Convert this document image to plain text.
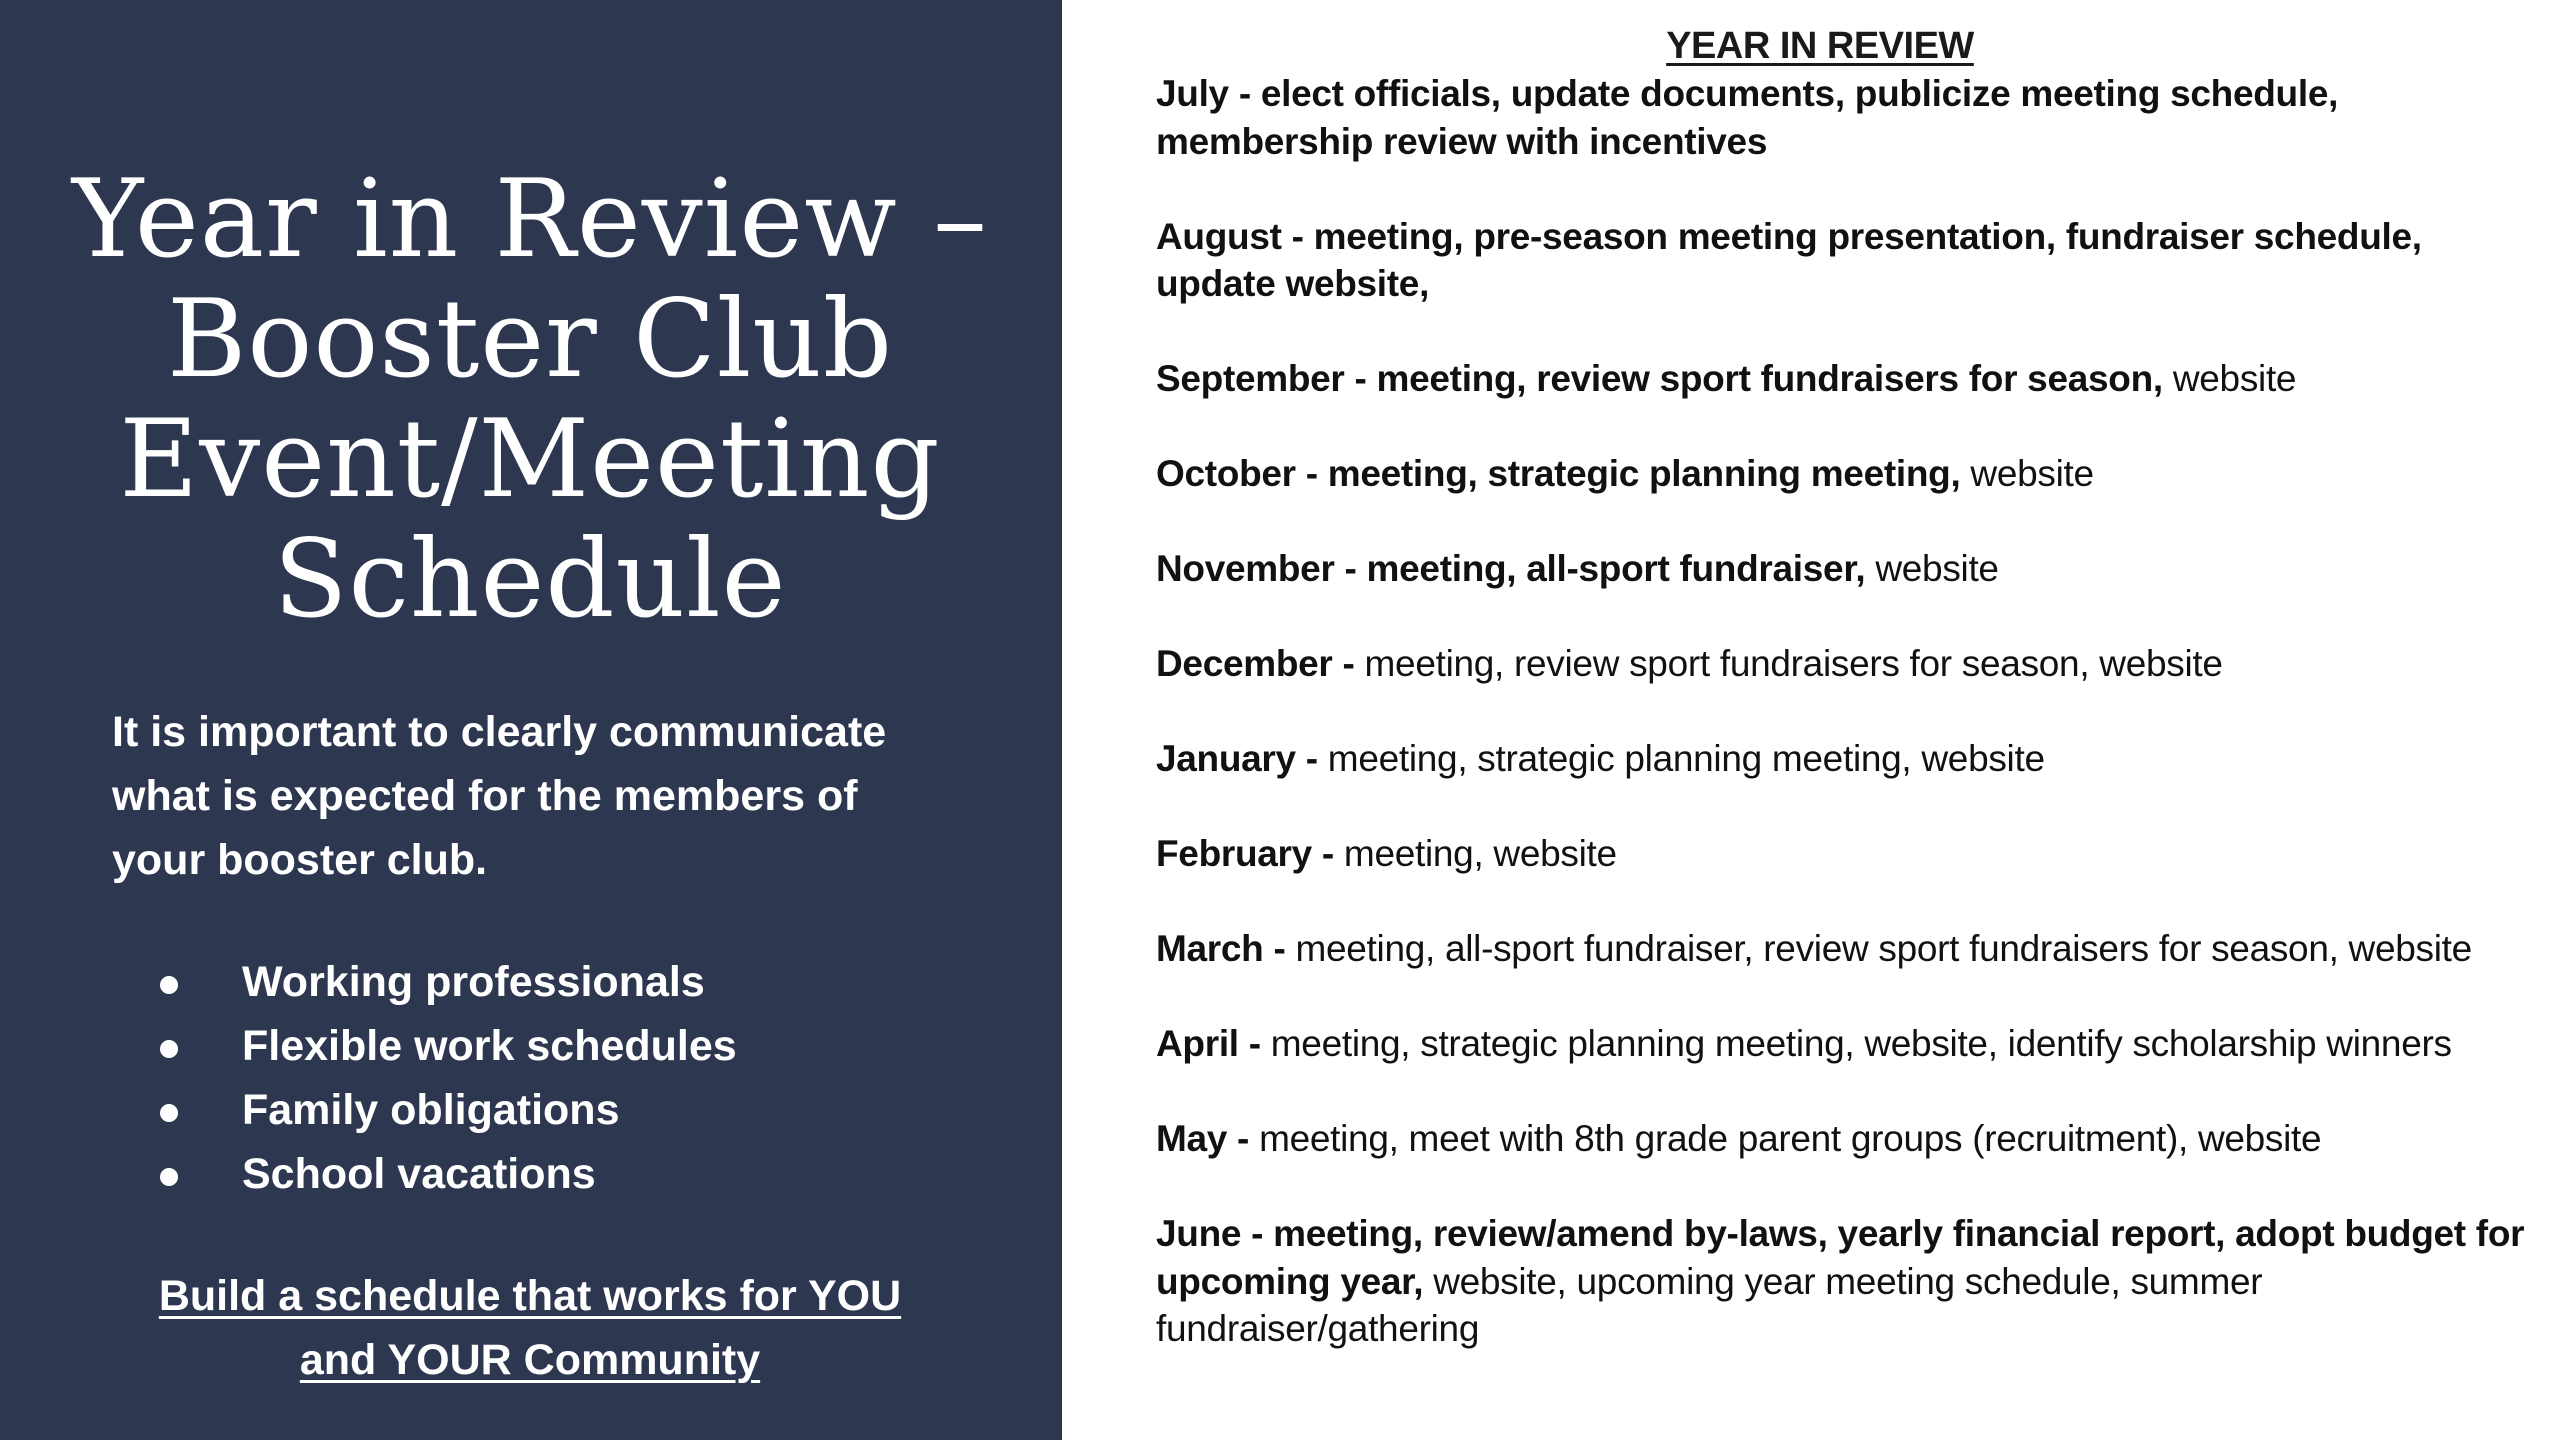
Year in Review –
Booster Club
Event/Meeting
Schedule

It is important to clearly communicate what is expected for the members of your booster club.

Working professionals
Flexible work schedules
Family obligations
School vacations
Build a schedule that works for YOU
and YOUR Community
YEAR IN REVIEW

July - elect officials, update documents, publicize meeting schedule, membership review with incentives

August - meeting, pre-season meeting presentation, fundraiser schedule, update website,

September - meeting, review sport fundraisers for season, website

October - meeting, strategic planning meeting, website

November - meeting, all-sport fundraiser, website

December - meeting, review sport fundraisers for season, website

January - meeting, strategic planning meeting, website

February - meeting, website

March - meeting, all-sport fundraiser, review sport fundraisers for season, website

April - meeting, strategic planning meeting, website, identify scholarship winners

May - meeting, meet with 8th grade parent groups (recruitment), website

June - meeting, review/amend by-laws, yearly financial report, adopt budget for upcoming year, website, upcoming year meeting schedule, summer fundraiser/gathering
